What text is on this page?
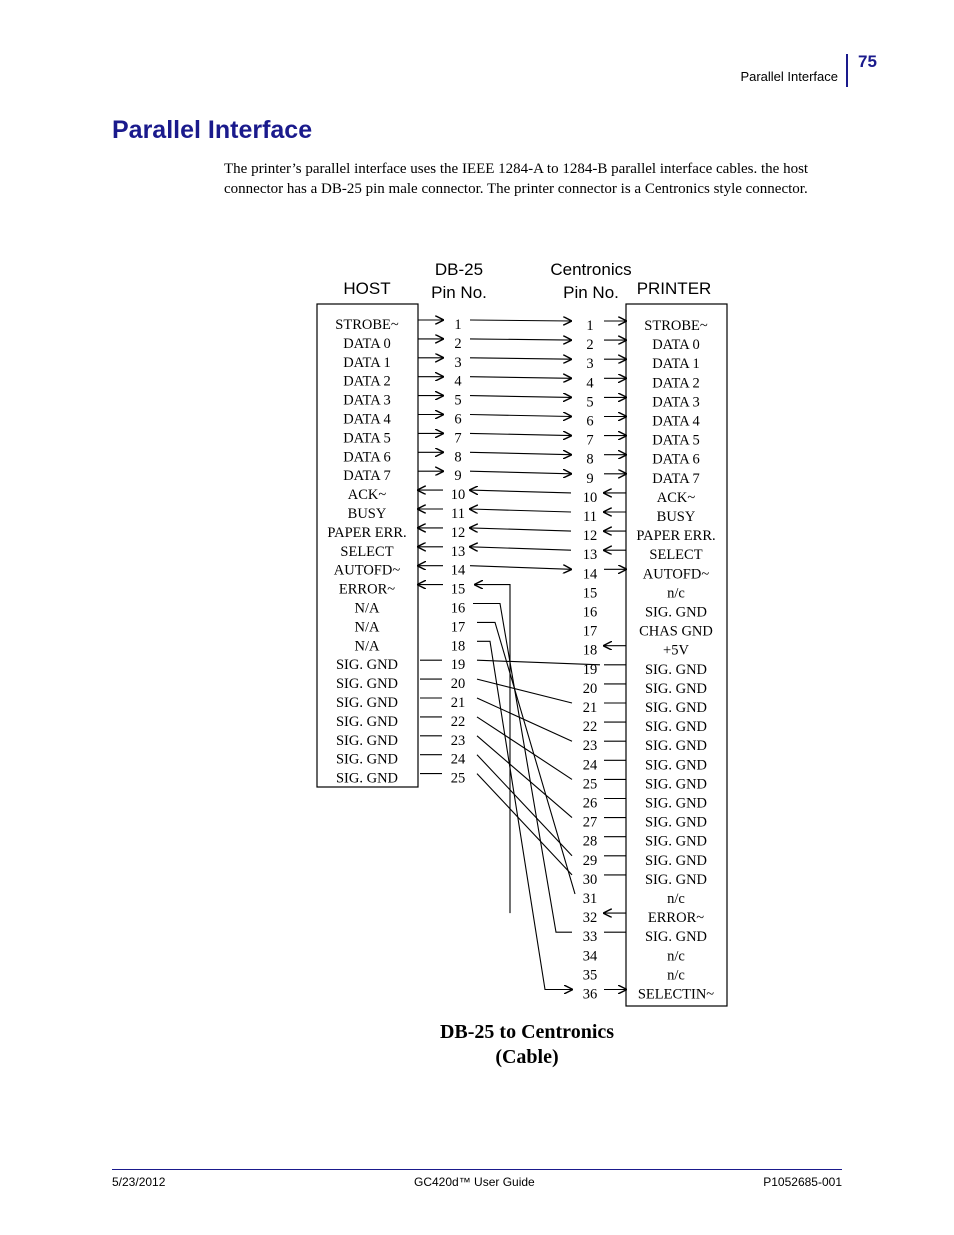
Parallel Interface
75
Parallel Interface

The printer’s parallel interface uses the IEEE 1284-A to 1284-B parallel interface cables. the host connector has a DB-25 pin male connector. The printer connector is a Centronics style connector.

HOST
DB-25
Pin No.
Centronics
Pin No. PRINTER
STROBE~
DATA 0
DATA 1
DATA 2
DATA 3
DATA 4
DATA 5
DATA 6
DATA 7
ACK~
BUSY
PAPER ERR.
SELECT
AUTOFD~
ERROR~
N/A
N/A
N/A
SIG. GND
SIG. GND
SIG. GND
SIG. GND
SIG. GND
SIG. GND
SIG. GND
1
2
3
4
5
6
7
8
9
10
11
12
13
14
15
16
17
18
19
20
21
22
23
24
25
1
2
3
4
5
6
7
8
9
10
11
12
13
14
15
16
17
18
19
20
21
22
23
24
25
26
27
28
29
30
31
32
33
34
35
36
STROBE~
DATA 0
DATA 1
DATA 2
DATA 3
DATA 4
DATA 5
DATA 6
DATA 7
ACK~
BUSY
PAPER ERR.
SELECT
AUTOFD~
n/c
SIG. GND
CHAS GND
+5V
SIG. GND
SIG. GND
SIG. GND
SIG. GND
SIG. GND
SIG. GND
SIG. GND
SIG. GND
SIG. GND
SIG. GND
SIG. GND
SIG. GND
n/c
ERROR~
SIG. GND
n/c
n/c
SELECTIN~
DB-25 to Centronics
(Cable)
5/23/2012	GC420d™ User Guide	P1052685-001
